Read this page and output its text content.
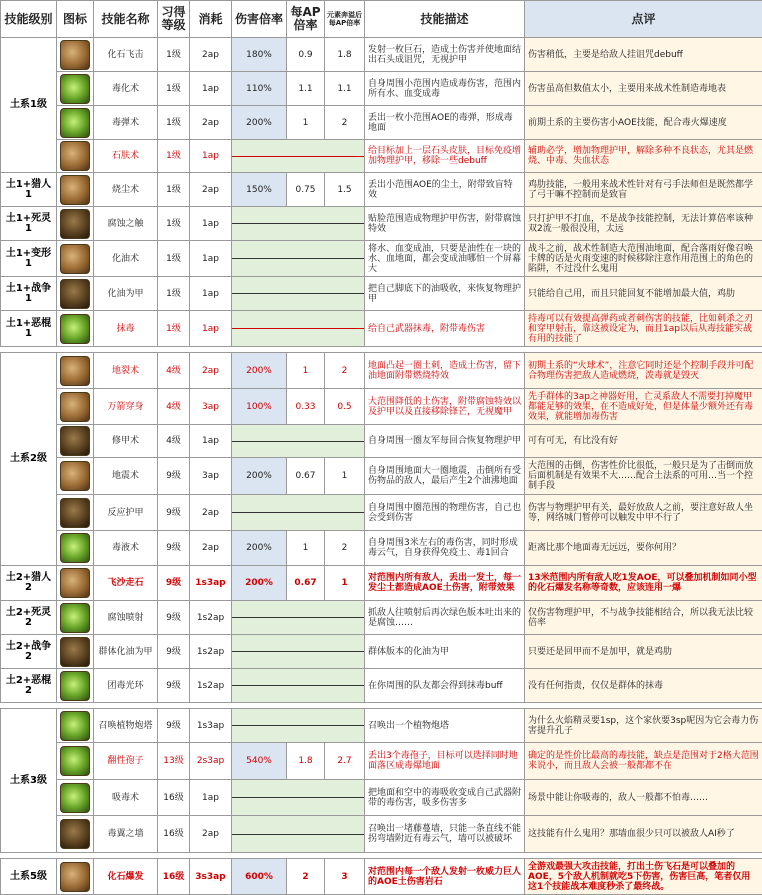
技能级别	图标	技能名称	习得等级	消耗	伤害倍率	每AP倍率	元素奔溢后每AP倍率	技能描述	点评
土系1级		化石飞击	1级	2ap	180%	0.9	1.8	发射一枚巨石，造成土伤害并使地面结出石头成诅咒，无视护甲	伤害稍低，主要是给敌人挂诅咒debuff

		毒化术	1级	1ap	110%	1.1	1.1	自身周围小范围内造成毒伤害，范围内所有水、血变成毒	伤害虽高但数值太小，主要用来战术性制造毒地表

		毒弹术	1级	2ap	200%	1	2	丢出一枚小范围AOE的毒弹，形成毒地面	前期土系的主要伤害小AOE技能，配合毒火爆速度

		石肤术	1级	1ap				给目标加上一层石头皮肤，目标免疫增加物理护甲，移除一些debuff	辅助必学，增加物理护甲，解除多种不良状态，尤其是燃烧、中毒、失血状态
土1+猎人1		烧尘术	1级	2ap	150%	0.75	1.5	丢出小范围AOE的尘土，附带致盲特效	鸡肋技能，一般用来战术性针对有弓手法师但是既然都学了弓干嘛不控制而是致盲
土1+死灵1		腐蚀之触	1级	1ap				贴脸范围造成物理护甲伤害，附带腐蚀特效	只打护甲不打血，不是战争技能控制，无法计算倍率该种双2流一般很没用，太远
土1+变形1		化油术	1级	1ap				将水、血变成油，只要是油性在一块的水、血地面，都会变成油哪怕一个屏幕大	战斗之前，战术性制造大范围油地面，配合落雨好像召唤卡牌的话是火雨变速的时候移除注意作用范围上的角色的陷阱，不过没什么鬼用
土1+战争1		化油为甲	1级	1ap				把自己脚底下的油吸收，来恢复物理护甲	只能给自己用，而且只能回复不能增加最大值，鸡肋
土1+恶棍1		抹毒	1级	1ap				给自己武器抹毒，附带毒伤害	持毒可以有效提高弹药或者刺伤害的技能，比如刺杀之刃和穿甲射击，靠这被设定为，而且1ap以后从毒技能实战有用的技能了

土系2级		地裂术	4级	2ap	200%	1	2	地面凸起一圈土刺，造成土伤害，留下油地面附带燃烧特效	初期土系的“火球术”，注意它同时还是个控制手段并可配合物理伤害把敌人造成燃烧，泼毒就是毁灭

		万箭穿身	4级	3ap	100%	0.33	0.5	大范围降低的土伤害，附带腐蚀特效以及护甲以及直接移除锋芒，无视魔甲	先手群体的3ap之神器好用，亡灵系敌人不需要打掉魔甲都能足够的效果，在不造成好处，但是体量少额外还有毒效果，就能增加毒伤害

		修甲术	4级	1ap				自身周围一圈友军每回合恢复物理护甲	可有可无，有比没有好

		地震术	9级	3ap	200%	0.67	1	自身周围地面大一圈地震，击倒所有受伤物品的敌人，最后产生2个油沸地面	大范围的击倒，伤害性价比很低，一般只是为了击倒而放后面机制是有效果不大……配合土法系的可用…当一个控制手段

		反应护甲	9级	2ap				自身周围中圈范围的物理伤害，自己也会受到伤害	伤害与物理护甲有关，最好放敌人之前，要注意好敌人坐等，网络城门暂停可以触发中甲不行了

		毒液术	9级	2ap	200%	1	2	自身周围3米左右的毒伤害，同时形成毒云气，自身获得免疫土、毒1回合	距离比那个地面毒无远远，要你何用？
土2+猎人2		飞沙走石	9级	1s3ap	200%	0.67	1	对范围内所有敌人，丢出一发土，每一发尘土都造成AOE土伤害，附带效果	13米范围内所有敌人吃1发AOE，可以叠加机制如同小型的化石爆发名称等奇数，应该连用一爆
土2+死灵2		腐蚀喷射	9级	1s2ap				抓敌人往喷射后再次绿色版本吐出来的是腐蚀……	仅伤害物理护甲，不与战争技能相结合，所以我无法比较倍率
土2+战争2		群体化油为甲	9级	1s2ap				群体版本的化油为甲	只要还是回甲而不是加甲，就是鸡肋
土2+恶棍2		团毒光环	9级	1s2ap				在你周围的队友都会得到抹毒buff	没有任何指责，仅仅是群体的抹毒

土系3级		召唤植物炮塔	9级	1s3ap				召唤出一个植物炮塔	为什么火焰精灵要1sp，这个家伙要3sp呢因为它会毒力伤害提升孔子

		翻性孢子	13级	2s3ap	540%	1.8	2.7	丢出3个毒孢子，目标可以选择同时地面落区成毒爆地面	确定的是性价比最高的毒技能，缺点是范围对于2格大范围来说小，而且敌人会被一般都都不在

		吸毒术	16级	1ap				把地面和空中的毒吸收变成自己武器附带的毒伤害，吸多伤害多	场景中能让你吸毒的，敌人一般都不怕毒……

		毒翼之墙	16级	2ap				召唤出一堵藤蔓墙，只能一条直线不能拐弯墙附近有毒云气，墙可以被破坏	这技能有什么鬼用？那墙血很少只可以被敌人AI秒了

土系5级		化石爆发	16级	3s3ap	600%	2	3	对范围内每一个敌人发射一枚威力巨人的AOE土伤害岩石	全游戏最强大攻击技能，打出土伤飞石是可以叠加的AOE，5个敌人机制就吃5下伤害，伤害巨高，笔者仅用这1个技能战本难度秒杀了最终战。
